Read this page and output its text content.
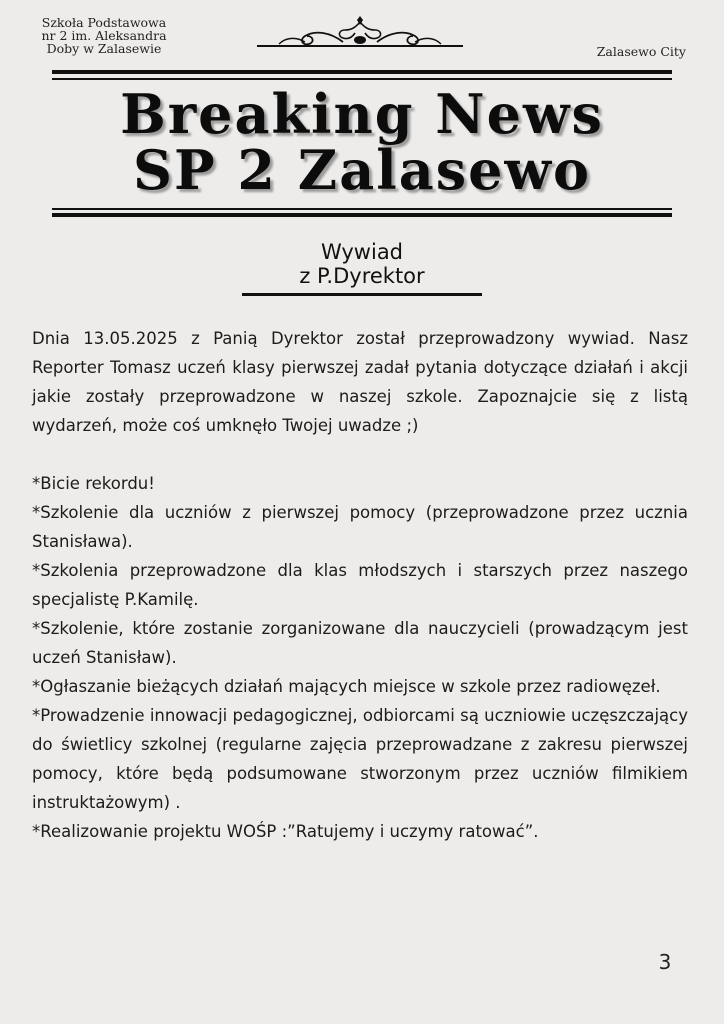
Szkoła Podstawowa
nr 2 im. Aleksandra
Doby w Zalasewie	Zalasewo City
Breaking News
SP 2 Zalasewo
Wywiad
z P.Dyrektor

Dnia 13.05.2025 z Panią Dyrektor został przeprowadzony wywiad. Nasz Reporter Tomasz uczeń klasy pierwszej zadał pytania dotyczące działań i akcji jakie zostały przeprowadzone w naszej szkole. Zapoznajcie się z listą wydarzeń, może coś umknęło Twojej uwadze ;)

*Bicie rekordu!

*Szkolenie dla uczniów z pierwszej pomocy (przeprowadzone przez ucznia Stanisława).

*Szkolenia przeprowadzone dla klas młodszych i starszych przez naszego specjalistę P.Kamilę.

*Szkolenie, które zostanie zorganizowane dla nauczycieli (prowadzącym jest uczeń Stanisław).

*Ogłaszanie bieżących działań mających miejsce w szkole przez radiowęzeł.

*Prowadzenie innowacji pedagogicznej, odbiorcami są uczniowie uczęszczający do świetlicy szkolnej (regularne zajęcia przeprowadzane z zakresu pierwszej pomocy, które będą podsumowane stworzonym przez uczniów filmikiem instruktażowym) .

*Realizowanie projektu WOŚP :”Ratujemy i uczymy ratować”.

3
